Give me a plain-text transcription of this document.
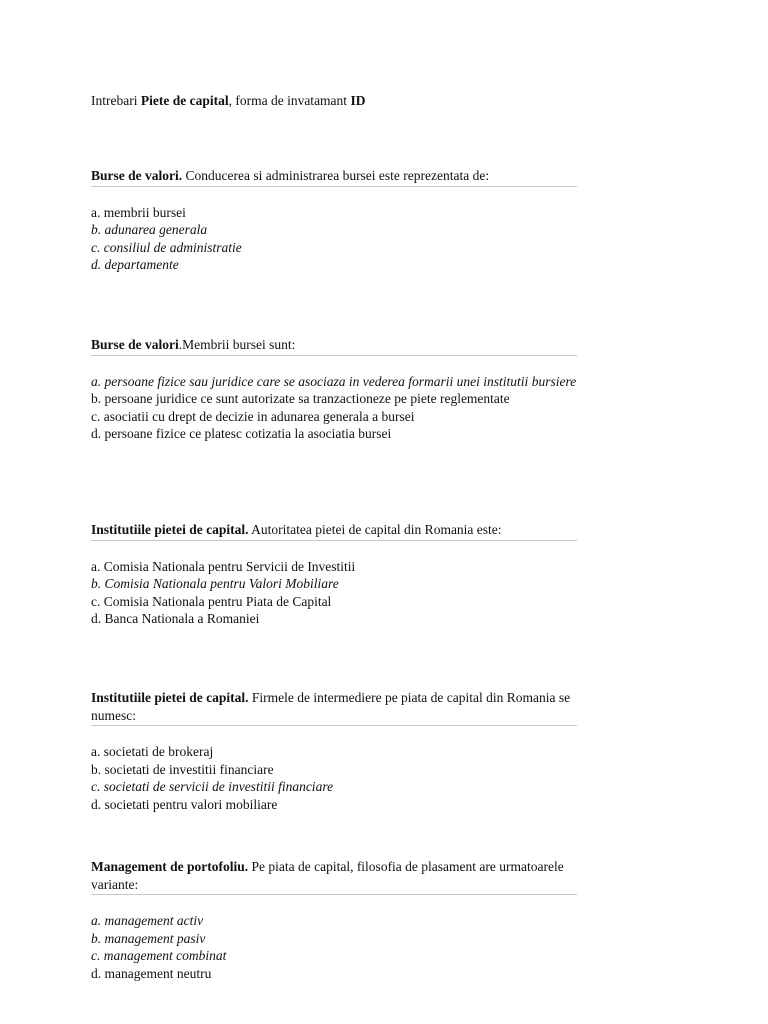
Intrebari Piete de capital, forma de invatamant ID
Burse de valori. Conducerea si administrarea bursei este reprezentata de:
a. membrii bursei
b. adunarea generala
c. consiliul de administratie
d. departamente
Burse de valori.Membrii bursei sunt:
a. persoane fizice sau juridice care se asociaza in vederea formarii unei institutii bursiere
b. persoane juridice ce sunt autorizate sa tranzactioneze pe piete reglementate
c. asociatii cu drept de decizie in adunarea generala a bursei
d. persoane fizice ce platesc cotizatia la asociatia bursei
Institutiile pietei de capital. Autoritatea pietei de capital din Romania este:
a. Comisia Nationala pentru Servicii de Investitii
b. Comisia Nationala pentru Valori Mobiliare
c. Comisia Nationala pentru Piata de Capital
d. Banca Nationala a Romaniei
Institutiile pietei de capital. Firmele de intermediere pe piata de capital din Romania se numesc:
a. societati de brokeraj
b. societati de investitii financiare
c. societati de servicii de investitii financiare
d. societati pentru valori mobiliare
Management de portofoliu. Pe piata de capital, filosofia de plasament are urmatoarele variante:
a. management activ
b. management pasiv
c. management combinat
d. management neutru
